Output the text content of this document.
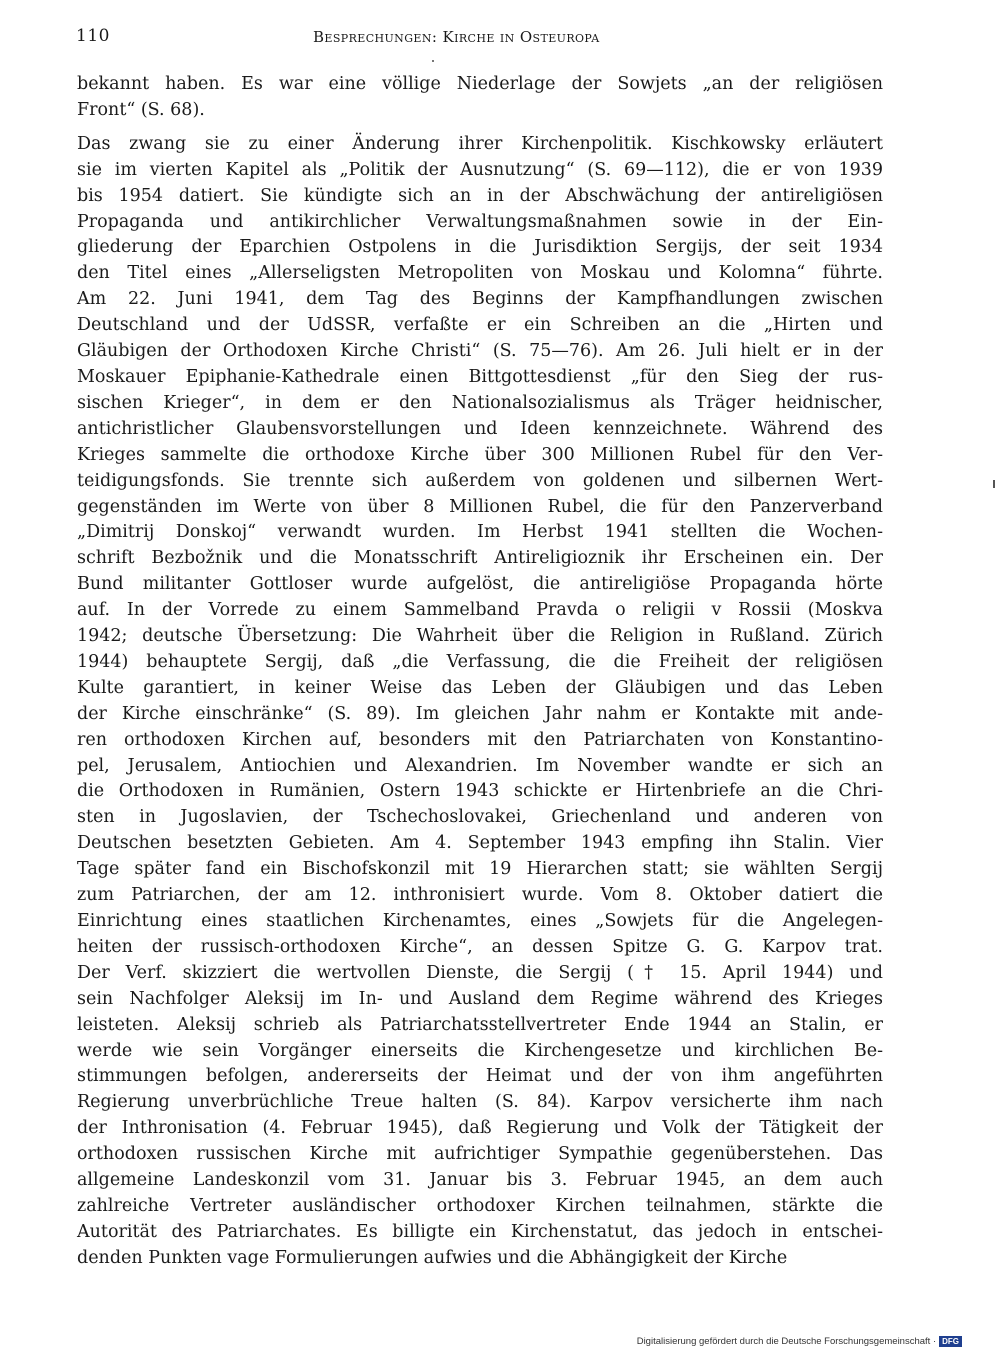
110	Besprechungen: Kirche in Osteuropa
bekannt haben. Es war eine völlige Niederlage der Sowjets „an der religiösen
Front“ (S. 68).
Das zwang sie zu einer Änderung ihrer Kirchenpolitik. Kischkowsky erläutert
sie im vierten Kapitel als „Politik der Ausnutzung“ (S. 69—112), die er von 1939
bis 1954 datiert. Sie kündigte sich an in der Abschwächung der antireligiösen
Propaganda und antikirchlicher Verwaltungsmaßnahmen sowie in der Ein-
gliederung der Eparchien Ostpolens in die Jurisdiktion Sergijs, der seit 1934
den Titel eines „Allerseligsten Metropoliten von Moskau und Kolomna“ führte.
Am 22. Juni 1941, dem Tag des Beginns der Kampfhandlungen zwischen
Deutschland und der UdSSR, verfaßte er ein Schreiben an die „Hirten und
Gläubigen der Orthodoxen Kirche Christi“ (S. 75—76). Am 26. Juli hielt er in der
Moskauer Epiphanie-Kathedrale einen Bittgottesdienst „für den Sieg der rus-
sischen Krieger“, in dem er den Nationalsozialismus als Träger heidnischer,
antichristlicher Glaubensvorstellungen und Ideen kennzeichnete. Während des
Krieges sammelte die orthodoxe Kirche über 300 Millionen Rubel für den Ver-
teidigungsfonds. Sie trennte sich außerdem von goldenen und silbernen Wert-
gegenständen im Werte von über 8 Millionen Rubel, die für den Panzerverband
„Dimitrij Donskoj“ verwandt wurden. Im Herbst 1941 stellten die Wochen-
schrift Bezbožnik und die Monatsschrift Antireligioznik ihr Erscheinen ein. Der
Bund militanter Gottloser wurde aufgelöst, die antireligiöse Propaganda hörte
auf. In der Vorrede zu einem Sammelband Pravda o religii v Rossii (Moskva
1942; deutsche Übersetzung: Die Wahrheit über die Religion in Rußland. Zürich
1944) behauptete Sergij, daß „die Verfassung, die die Freiheit der religiösen
Kulte garantiert, in keiner Weise das Leben der Gläubigen und das Leben
der Kirche einschränke“ (S. 89). Im gleichen Jahr nahm er Kontakte mit ande-
ren orthodoxen Kirchen auf, besonders mit den Patriarchaten von Konstantino-
pel, Jerusalem, Antiochien und Alexandrien. Im November wandte er sich an
die Orthodoxen in Rumänien, Ostern 1943 schickte er Hirtenbriefe an die Chri-
sten in Jugoslavien, der Tschechoslovakei, Griechenland und anderen von
Deutschen besetzten Gebieten. Am 4. September 1943 empfing ihn Stalin. Vier
Tage später fand ein Bischofskonzil mit 19 Hierarchen statt; sie wählten Sergij
zum Patriarchen, der am 12. inthronisiert wurde. Vom 8. Oktober datiert die
Einrichtung eines staatlichen Kirchenamtes, eines „Sowjets für die Angelegen-
heiten der russisch-orthodoxen Kirche“, an dessen Spitze G. G. Karpov trat.
Der Verf. skizziert die wertvollen Dienste, die Sergij († 15. April 1944) und
sein Nachfolger Aleksij im In- und Ausland dem Regime während des Krieges
leisteten. Aleksij schrieb als Patriarchatsstellvertreter Ende 1944 an Stalin, er
werde wie sein Vorgänger einerseits die Kirchengesetze und kirchlichen Be-
stimmungen befolgen, andererseits der Heimat und der von ihm angeführten
Regierung unverbrüchliche Treue halten (S. 84). Karpov versicherte ihm nach
der Inthronisation (4. Februar 1945), daß Regierung und Volk der Tätigkeit der
orthodoxen russischen Kirche mit aufrichtiger Sympathie gegenüberstehen. Das
allgemeine Landeskonzil vom 31. Januar bis 3. Februar 1945, an dem auch
zahlreiche Vertreter ausländischer orthodoxer Kirchen teilnahmen, stärkte die
Autorität des Patriarchates. Es billigte ein Kirchenstatut, das jedoch in entschei-
denden Punkten vage Formulierungen aufwies und die Abhängigkeit der Kirche
Digitalisierung gefördert durch die Deutsche Forschungsgemeinschaft · DFG
